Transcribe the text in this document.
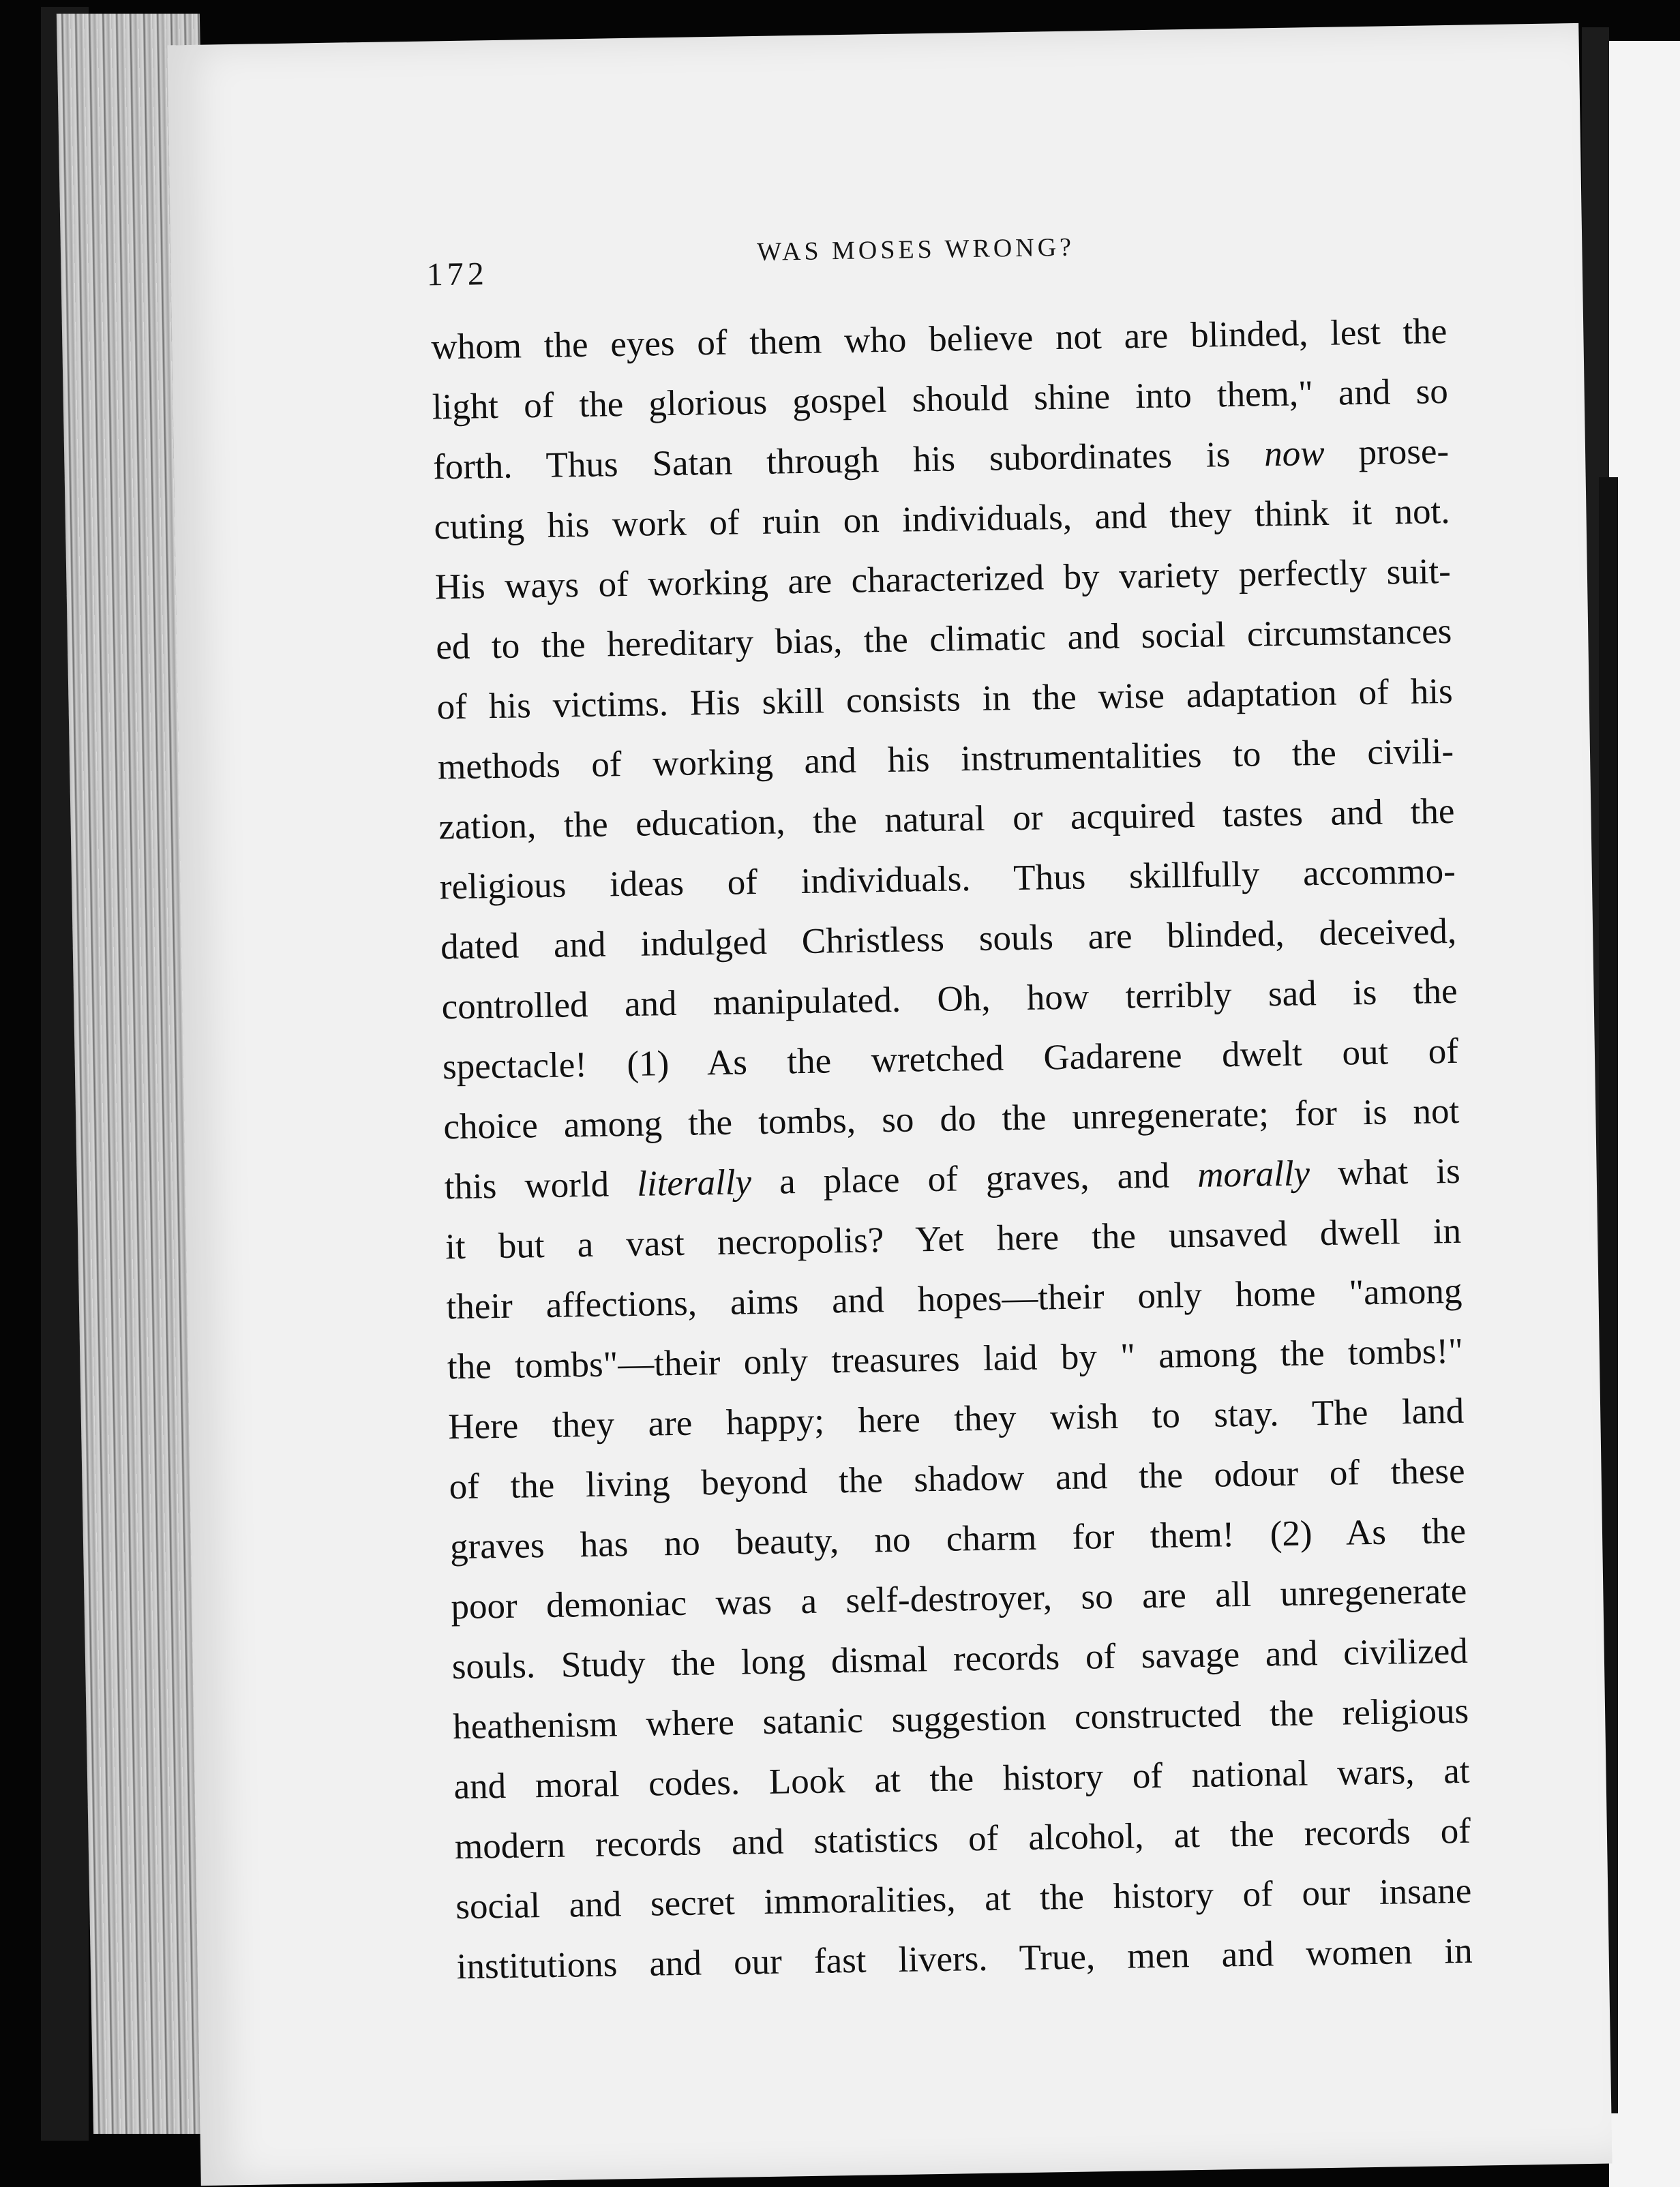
172
WAS MOSES WRONG?
whom the eyes of them who believe not are blinded, lest the
light of the glorious gospel should shine into them," and so
forth. Thus Satan through his subordinates is now prose-
cuting his work of ruin on individuals, and they think it not.
His ways of working are characterized by variety perfectly suit-
ed to the hereditary bias, the climatic and social circumstances
of his victims. His skill consists in the wise adaptation of his
methods of working and his instrumentalities to the civili-
zation, the education, the natural or acquired tastes and the
religious ideas of individuals. Thus skillfully accommo-
dated and indulged Christless souls are blinded, deceived,
controlled and manipulated. Oh, how terribly sad is the
spectacle! (1) As the wretched Gadarene dwelt out of
choice among the tombs, so do the unregenerate; for is not
this world literally a place of graves, and morally what is
it but a vast necropolis? Yet here the unsaved dwell in
their affections, aims and hopes—their only home "among
the tombs"—their only treasures laid by " among the tombs!"
Here they are happy; here they wish to stay. The land
of the living beyond the shadow and the odour of these
graves has no beauty, no charm for them! (2) As the
poor demoniac was a self-destroyer, so are all unregenerate
souls. Study the long dismal records of savage and civilized
heathenism where satanic suggestion constructed the religious
and moral codes. Look at the history of national wars, at
modern records and statistics of alcohol, at the records of
social and secret immoralities, at the history of our insane
institutions and our fast livers. True, men and women in
